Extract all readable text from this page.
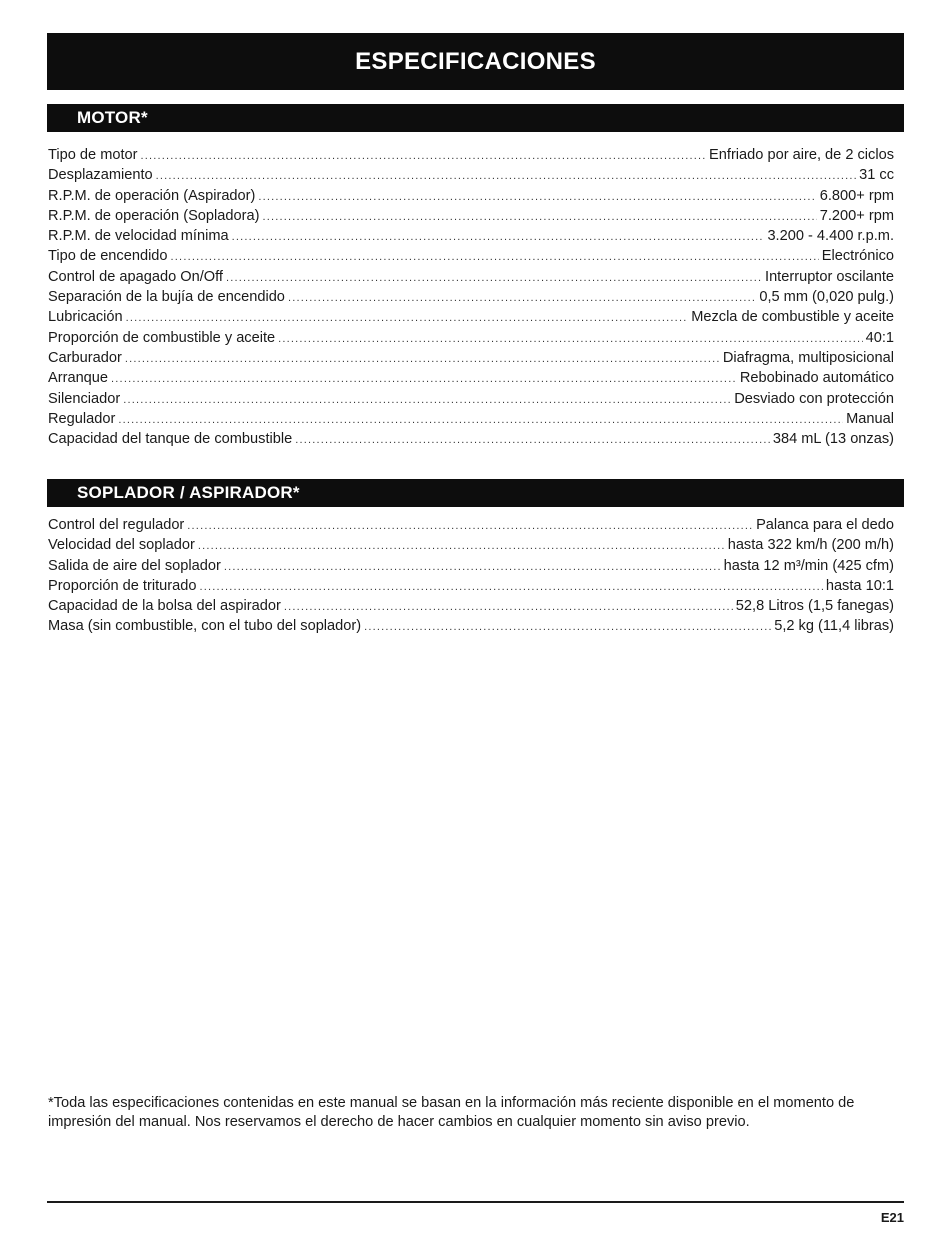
ESPECIFICACIONES
MOTOR*
Tipo de motor .....	Enfriado por aire, de 2 ciclos
Desplazamiento .....	31 cc
R.P.M. de operación (Aspirador) .....	6.800+ rpm
R.P.M. de operación (Sopladora) .....	7.200+ rpm
R.P.M. de velocidad mínima .....	3.200 - 4.400 r.p.m.
Tipo de encendido .....	Electrónico
Control de apagado On/Off .....	Interruptor oscilante
Separación de la bujía de encendido .....	0,5 mm (0,020 pulg.)
Lubricación .....	Mezcla de combustible y aceite
Proporción de combustible y aceite .....	40:1
Carburador .....	Diafragma, multiposicional
Arranque .....	Rebobinado automático
Silenciador .....	Desviado con protección
Regulador .....	Manual
Capacidad del tanque de combustible .....	384 mL (13 onzas)
SOPLADOR / ASPIRADOR*
Control del regulador .....	Palanca para el dedo
Velocidad del soplador .....	hasta 322 km/h (200 m/h)
Salida de aire del soplador .....	hasta 12 m³/min (425 cfm)
Proporción de triturado .....	hasta 10:1
Capacidad de la bolsa del aspirador .....	52,8 Litros (1,5 fanegas)
Masa (sin combustible, con el tubo del soplador) .....	5,2 kg (11,4 libras)

*Toda las especificaciones contenidas en este manual se basan en la información más reciente disponible en el momento de impresión del manual. Nos reservamos el derecho de hacer cambios en cualquier momento sin aviso previo.

E21
